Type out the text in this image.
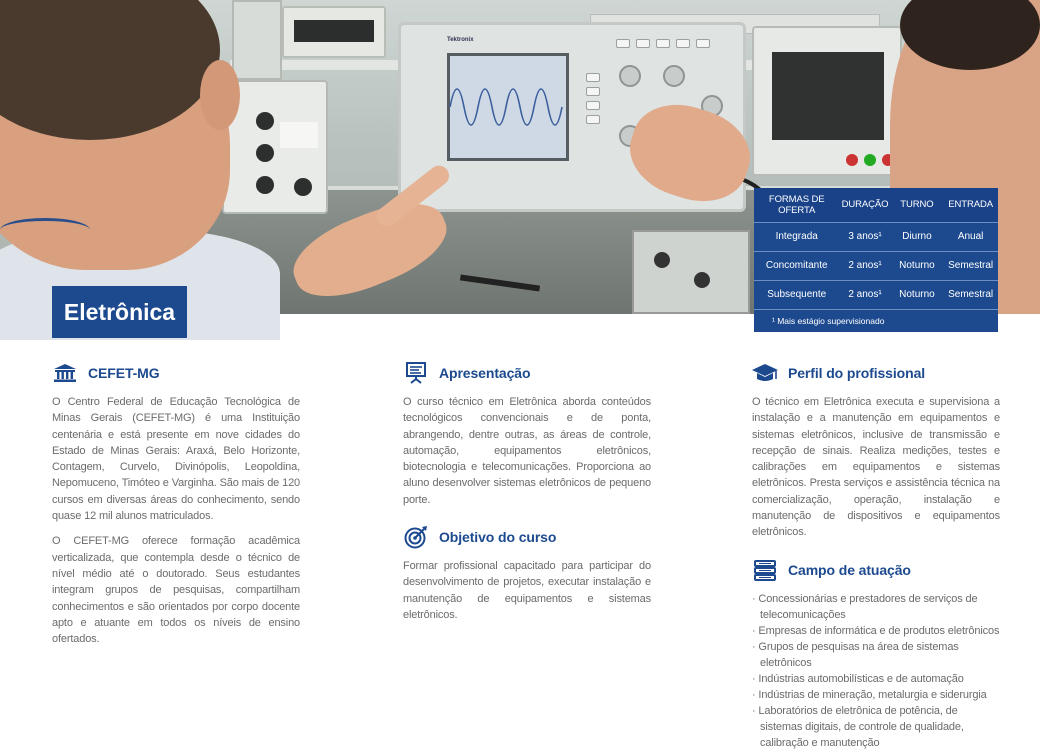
Tektronix
Eletrônica
FORMAS DE OFERTA	DURAÇÃO	TURNO	ENTRADA
Integrada	3 anos¹	Diurno	Anual
Concomitante	2 anos¹	Noturno	Semestral
Subsequente	2 anos¹	Noturno	Semestral
¹ Mais estágio supervisionado
CEFET-MG

O Centro Federal de Educação Tecnológica de Minas Gerais (CEFET-MG) é uma Instituição centenária e está presente em nove cidades do Estado de Minas Gerais: Araxá, Belo Horizonte, Contagem, Curvelo, Divinópolis, Leopoldina, Nepomuceno, Timóteo e Varginha. São mais de 120 cursos em diversas áreas do conhecimento, sendo quase 12 mil alunos matriculados.

O CEFET-MG oferece formação acadêmica verticalizada, que contempla desde o técnico de nível médio até o doutorado. Seus estudantes integram grupos de pesquisas, compartilham conhecimentos e são orientados por corpo docente apto e atuante em todos os níveis de ensino ofertados.

Apresentação

O curso técnico em Eletrônica aborda conteúdos tecnológicos convencionais e de ponta, abrangendo, dentre outras, as áreas de controle, automação, equipamentos eletrônicos, biotecnologia e telecomunicações. Proporciona ao aluno desenvolver sistemas eletrônicos de pequeno porte.

Objetivo do curso

Formar profissional capacitado para participar do desenvolvimento de projetos, executar instalação e manutenção de equipamentos e sistemas eletrônicos.

Perfil do profissional

O técnico em Eletrônica executa e supervisiona a instalação e a manutenção em equipamentos e sistemas eletrônicos, inclusive de transmissão e recepção de sinais. Realiza medições, testes e calibrações em equipamentos e sistemas eletrônicos. Presta serviços e assistência técnica na comercialização, operação, instalação e manutenção de dispositivos e equipamentos eletrônicos.

Campo de atuação
· Concessionárias e prestadores de serviços de telecomunicações
· Empresas de informática e de produtos eletrônicos
· Grupos de pesquisas na área de sistemas eletrônicos
· Indústrias automobilísticas e de automação
· Indústrias de mineração, metalurgia e siderurgia
· Laboratórios de eletrônica de potência, de sistemas digitais, de controle de qualidade, calibração e manutenção
